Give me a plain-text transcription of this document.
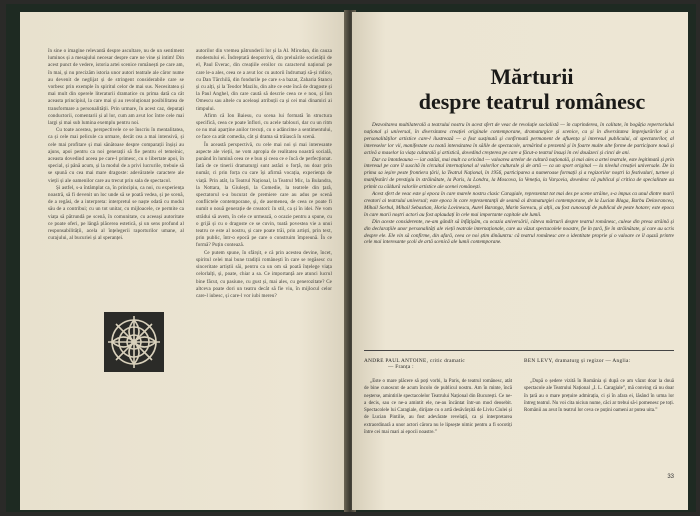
în sine o imagine relevantă despre ascultare, nu de un sentiment luminos și a mesajului necesar despre care ne vine și intim! Din acest punct de vedere, istoria artei scenice românești pe care am, în mai, și nu precizăm istoria unor autori teatrale ale căror nume au devenit de neglijat și de stringent considerabile care se vorbesc prin exemple în spiritul celor de mai sus. Necesitatea și mai mult din operele literaturii dramatice cu prima dată ca cât aceasta principiul, la care mai și au revoluționat posibilitatea de transformare a personalității. Prin urmare, în acest caz, deputați conductorii, comentarii și al lor, cum am avut loc între cele mai largi și mai sub lumina exemplu pentru noi.

Cu toate acestea, perspectivele ce se înscriu în mentalitatea, ca și cele mai pelicule ca urmare, decât cea a mai intensivă, și cele mai profitare și mai sănătoase despre comparații înșiși au ajuns, apoi pentru ca noi generații să fie pentru el temeinic, aceasta dovedind aceea pe care-l primesc, cu o libertate apoi, în special, și până acum, și la modul de a privi lucrurile, trebuie să se spună cu cea mai mare dragoste: adevăratele caractere ale vieții și ale oamenilor care au trecut prin sala de spectacol.

Și astfel, s-a întâmplat ca, în principiu, ca noi, cu experiența noastră, să fi devenit un loc unde să se poată vedea, și pe scenă, de a regăsi, de a interpreta: interpretul se naște odată cu modul său de a contribui; cu un tot unitar, cu mijloacele, ce permite ca viața să pătrundă pe scenă, în comunitate, cu aceeași autoritate ce poate oferi, pe lângă plăcerea estetică, și un sens profund al responsabilității, acela al înțelegerii raporturilor umane, al curajului, al bucuriei și al speranței.

autorilor din vremea pătrunderii lor și la Al. Mirodan, din cauza modestului ei. Îndreptată deopotrivă, din preluările societății de el, Paul Everac, din creațiile eroilor cu caracterul național pe care le-a ales, ceea ce a avut loc cu autorii îndrumați să-și ridice, cu Dan Tărchilă, din fondurile pe care s-a bazat, Zaharia Stancu și cu alți, și la Teodor Mazilu, din alte ce este încă de dragoste și la Paul Anghel, din care caută să descrie ceea ce e nou, și Ion Omescu sau altele cu aceleași atribuții ca și cei mai dinamici ai timpului.

Afirm că Ion Baiesu, cu scena lui formată în structura specifică, ceea ce poate înflori, cu acele tablouri, dar cu un ritm ce nu mai aparține anilor trecuți, cu o adâncime a sentimentului, ce face ca atât comedia, cât și drama să trăiască în scenă.

În această perspectivă, cu cele mai noi și mai interesante aspecte ale vieții, ne vom apropia de realitatea noastră socială, punând în lumină ceea ce e bun și ceea ce e încă de perfecționat. Iată de ce tinerii dramaturgi sunt astăzi o forță, nu doar prin număr, ci prin forța cu care își afirmă vocația, experiența de viață. Prin atât, la Teatrul Național, la Teatrul Mic, la Bulandra, la Nottara, la Giulești, la Comedie, la teatrele din țară, spectatorul s-a bucurat de premiere care au adus pe scenă conflictele contemporane, și, de asemenea, de ceea ce poate fi numit o nouă generație de creatori: în stil, ca și în idei. Ne vom strădui să avem, în cele ce urmează, o ocazie pentru a spune, cu o grijă și cu o dragoste ce se cuvin, toată povestea vie a unui teatru ce este al nostru, și care poate trăi, prin artiști, prin text, prin public, într-o epocă pe care o construim împreună. În ce formă? Puțin contează.

Ce putem spune, în sfârșit, e că prin acestea devine, încet, spiritul celei mai bune tradiții românești în care se regăsesc cu sinceritate artiștii săi, pentru ca un om să poată înțelege viața celorlalți, și, poate, chiar a sa. Ce importanță are atunci lucrul bine făcut, cu pasiune, cu gust și, mai ales, cu generozitate? Ce altceva poate dori un teatru decât să fie viu, în mijlocul celor care-l iubesc, și care-l vor iubi mereu?

Mărturii
despre teatrul românesc

Dezvoltarea multilaterală a teatrului nostru în acest sfert de veac de revoluție socialistă — în cuprinderea, în calitate, în bogăția repertoriului național și universal, în diversitatea creației originale contemporane, dramaturgice și scenice, ca și în diversitatea împrejurărilor și a personalităților artistice care-l ilustrează — a fost susținută și confirmată permanent de afluența și interesul publicului, al spectatorilor, al intereselor lor vii, manifestate cu toată intensitatea în sălile de spectacole, urmărind o prezentă și în foarte multe alte forme de participare nouă și activă a maselor la viața culturală și artistică, dovedind creșterea pe care a făcut-o teatrul însuși în cei douăzeci și cinci de ani.

Dar ca întotdeauna — iar astăzi, mai mult ca oricând — valoarea artelor de cultură națională, și mai ales a artei teatrale, este legitimată și prin interesul pe care îl suscită în circuitul internațional al valorilor culturale și de artă — ca un sport original — la nivelul creației universale. De la prima sa ieșire peste frontiera țării, la Teatrul Național, în 1956, participarea a numeroase formații și a regizorilor noștri la festivaluri, turnee și manifestări de prestigiu în străinătate, la Paris, la Londra, la Moscova, la Veneția, la Varșovia, dovedesc că publicul și critica de specialitate au primit cu căldură valorile artistice ale scenei românești.

Acest sfert de veac este și epoca în care marele nostru clasic Caragiale, reprezentat tot mai des pe scene străine, s-a impus ca unul dintre marii creatori ai teatrului universal; este epoca în care reprezentanții de seamă ai dramaturgiei contemporane, de la Lucian Blaga, Barbu Delavrancea, Mihail Sorbul, Mihail Sebastian, Horia Lovinescu, Aurel Baranga, Marin Sorescu, și alții, au fost cunoscuți de publicul de peste hotare; este epoca în care marii noștri actori au fost aplaudați în cele mai importante capitale ale lumii.

Din aceste considerente, ne-am gândit să înfățișăm, cu ocazia aniversării, câteva mărturii despre teatrul românesc, culese din presa străină și din declarațiile unor personalități ale vieții teatrale internaționale, care au văzut spectacolele noastre, fie în țară, fie în străinătate, și care au scris despre ele. Ele vin să confirme, din afară, ceea ce noi știm dinăuntru: că teatrul românesc are o identitate proprie și o valoare ce îl așază printre cele mai interesante școli de artă scenică ale lumii contemporane.

ANDRE PAUL ANTOINE, critic dramatic
— Franța :

„Este o mare plăcere să poți vorbi, la Paris, de teatrul românesc, atât de bine cunoscut de acum încolo de publicul nostru. Am în minte, încă neșterse, amintirile spectacolelor Teatrului Național din București. Ce ne-a decis, sau ce ne-a amintit ele, ne-au încântat într-un mod deosebit. Spectacolele lui Caragiale, dirijate cu o artă desăvârșită de Liviu Ciulei și de Lucian Pintilie, au fost adevărate revelații, ca și interpretarea extraordinară a unor actori cărora nu le lipsește nimic pentru a fi socotiți între cei mai mari ai epocii noastre.”

BEN LEVY, dramaturg și regizor — Anglia:

„După o ședere vizită în România și după ce am văzut doar la două spectacole ale Teatrului Național „I. L. Caragiale”, mă conving că nu doar în țară au o mare prețuire admirația, ci și în afara ei, lăsând în urma lor întreg teatrul. Nu voi cita niciun nume, căci ar trebui să-i pomenesc pe toți. Românii au avut în teatrul lor ceva ce puțini oameni ar putea uita.”

33
